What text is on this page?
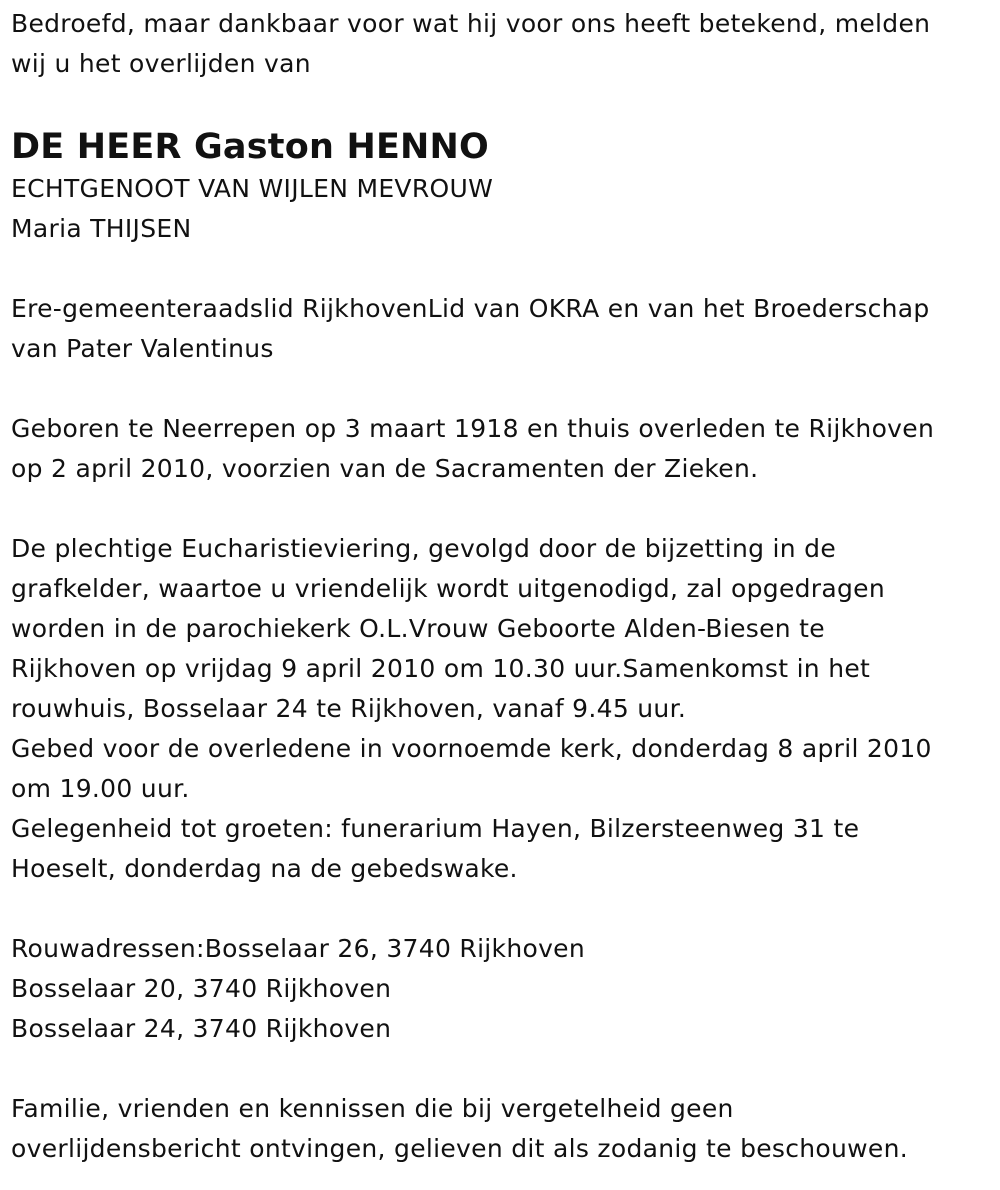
Bedroefd, maar dankbaar voor wat hij voor ons heeft betekend, melden
wij u het overlijden van
DE HEER Gaston HENNO
ECHTGENOOT VAN WIJLEN MEVROUW
Maria THIJSEN
Ere-gemeenteraadslid RijkhovenLid van OKRA en van het Broederschap
van Pater Valentinus
Geboren te Neerrepen op 3 maart 1918 en thuis overleden te Rijkhoven
op 2 april 2010, voorzien van de Sacramenten der Zieken.
De plechtige Eucharistieviering, gevolgd door de bijzetting in de
grafkelder, waartoe u vriendelijk wordt uitgenodigd, zal opgedragen
worden in de parochiekerk O.L.Vrouw Geboorte Alden-Biesen te
Rijkhoven op vrijdag 9 april 2010 om 10.30 uur.Samenkomst in het
rouwhuis, Bosselaar 24 te Rijkhoven, vanaf 9.45 uur.
Gebed voor de overledene in voornoemde kerk, donderdag 8 april 2010
om 19.00 uur.
Gelegenheid tot groeten: funerarium Hayen, Bilzersteenweg 31 te
Hoeselt, donderdag na de gebedswake.
Rouwadressen:Bosselaar 26, 3740 Rijkhoven
Bosselaar 20, 3740 Rijkhoven
Bosselaar 24, 3740 Rijkhoven
Familie, vrienden en kennissen die bij vergetelheid geen
overlijdensbericht ontvingen, gelieven dit als zodanig te beschouwen.
